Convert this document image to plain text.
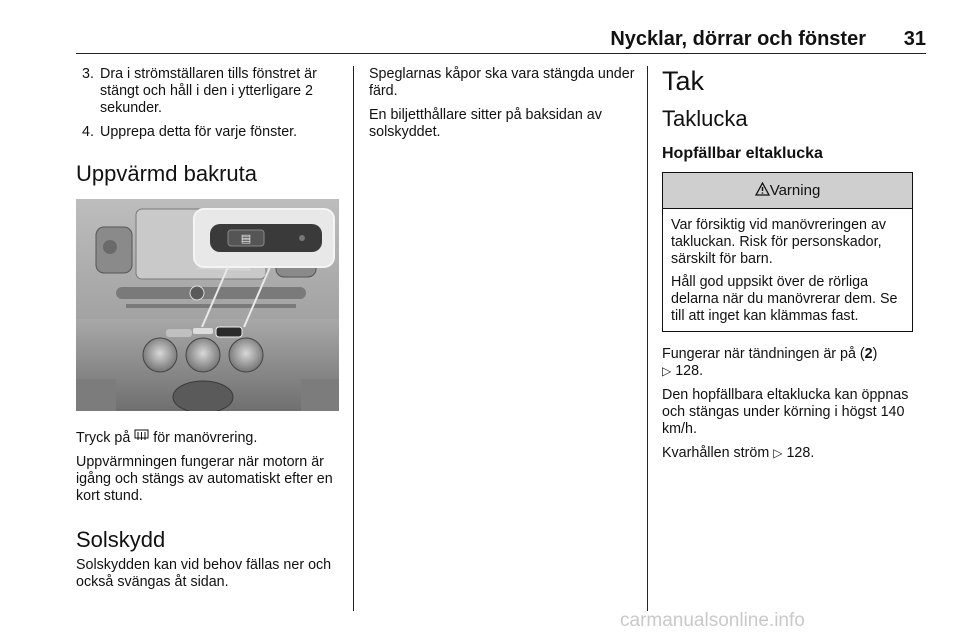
Nycklar, dörrar och fönster 31
3. Dra i strömställaren tills fönstret är stängt och håll i den i ytterligare 2 sekunder.
4. Upprepa detta för varje fönster.
Uppvärmd bakruta
▤

Tryck på  för manövrering.

Uppvärmningen fungerar när motorn är igång och stängs av automatiskt efter en kort stund.

Solskydd

Solskydden kan vid behov fällas ner och också svängas åt sidan.

Speglarnas kåpor ska vara stängda under färd.

En biljetthållare sitter på baksidan av solskyddet.

Tak
Taklucka
Hopfällbar eltaklucka
Varning

Var försiktig vid manövreringen av takluckan. Risk för personskador, särskilt för barn.

Håll god uppsikt över de rörliga delarna när du manövrerar dem. Se till att inget kan klämmas fast.

Fungerar när tändningen är på (2)
▷ 128.

Den hopfällbara eltaklucka kan öppnas och stängas under körning i högst 140 km/h.

Kvarhållen ström ▷ 128.

carmanualsonline.info
